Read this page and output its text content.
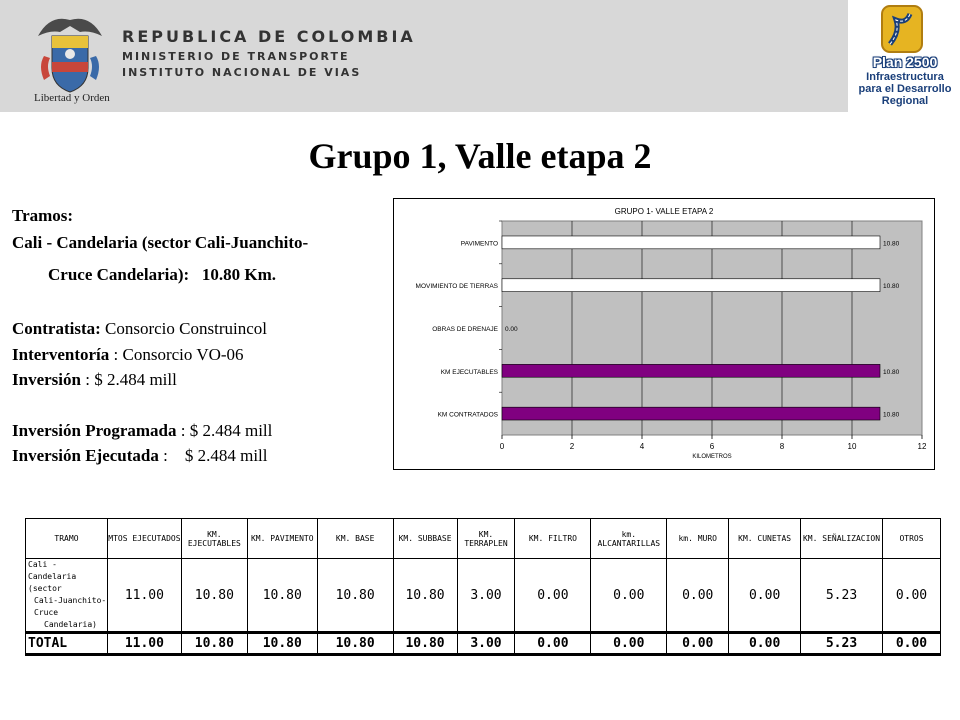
Libertad y Orden
REPUBLICA DE COLOMBIA
MINISTERIO DE TRANSPORTE
INSTITUTO NACIONAL DE VIAS
Plan 2500
Infraestructura
para el Desarrollo
Regional
Grupo 1, Valle etapa 2
Tramos:
Cali - Candelaria (sector Cali-Juanchito-
Cruce Candelaria):   10.80 Km.
Contratista: Consorcio Construincol
Interventoría : Consorcio VO-06
Inversión : $ 2.484 mill
Inversión Programada : $ 2.484 mill
Inversión Ejecutada :    $ 2.484 mill
GRUPO 1- VALLE ETAPA 2
0	2	4	6	8	10	12
KILOMETROS
PAVIMENTO	10.80
MOVIMIENTO DE TIERRAS	10.80
OBRAS DE DRENAJE 0.00
KM EJECUTABLES	10.80
KM CONTRATADOS	10.80
TRAMO	MTOS EJECUTADOS	KM. EJECUTABLES	KM. PAVIMENTO	KM. BASE	KM. SUBBASE	KM. TERRAPLEN	KM. FILTRO	km. ALCANTARILLAS	km. MURO	KM. CUNETAS	KM. SEÑALIZACION	OTROS

Cali - Candelaria (sector
Cali-Juanchito-Cruce
Candelaria)	11.00	10.80	10.80	10.80	10.80	3.00	0.00	0.00	0.00	0.00	5.23	0.00
TOTAL	11.00	10.80	10.80	10.80	10.80	3.00	0.00	0.00	0.00	0.00	5.23	0.00
